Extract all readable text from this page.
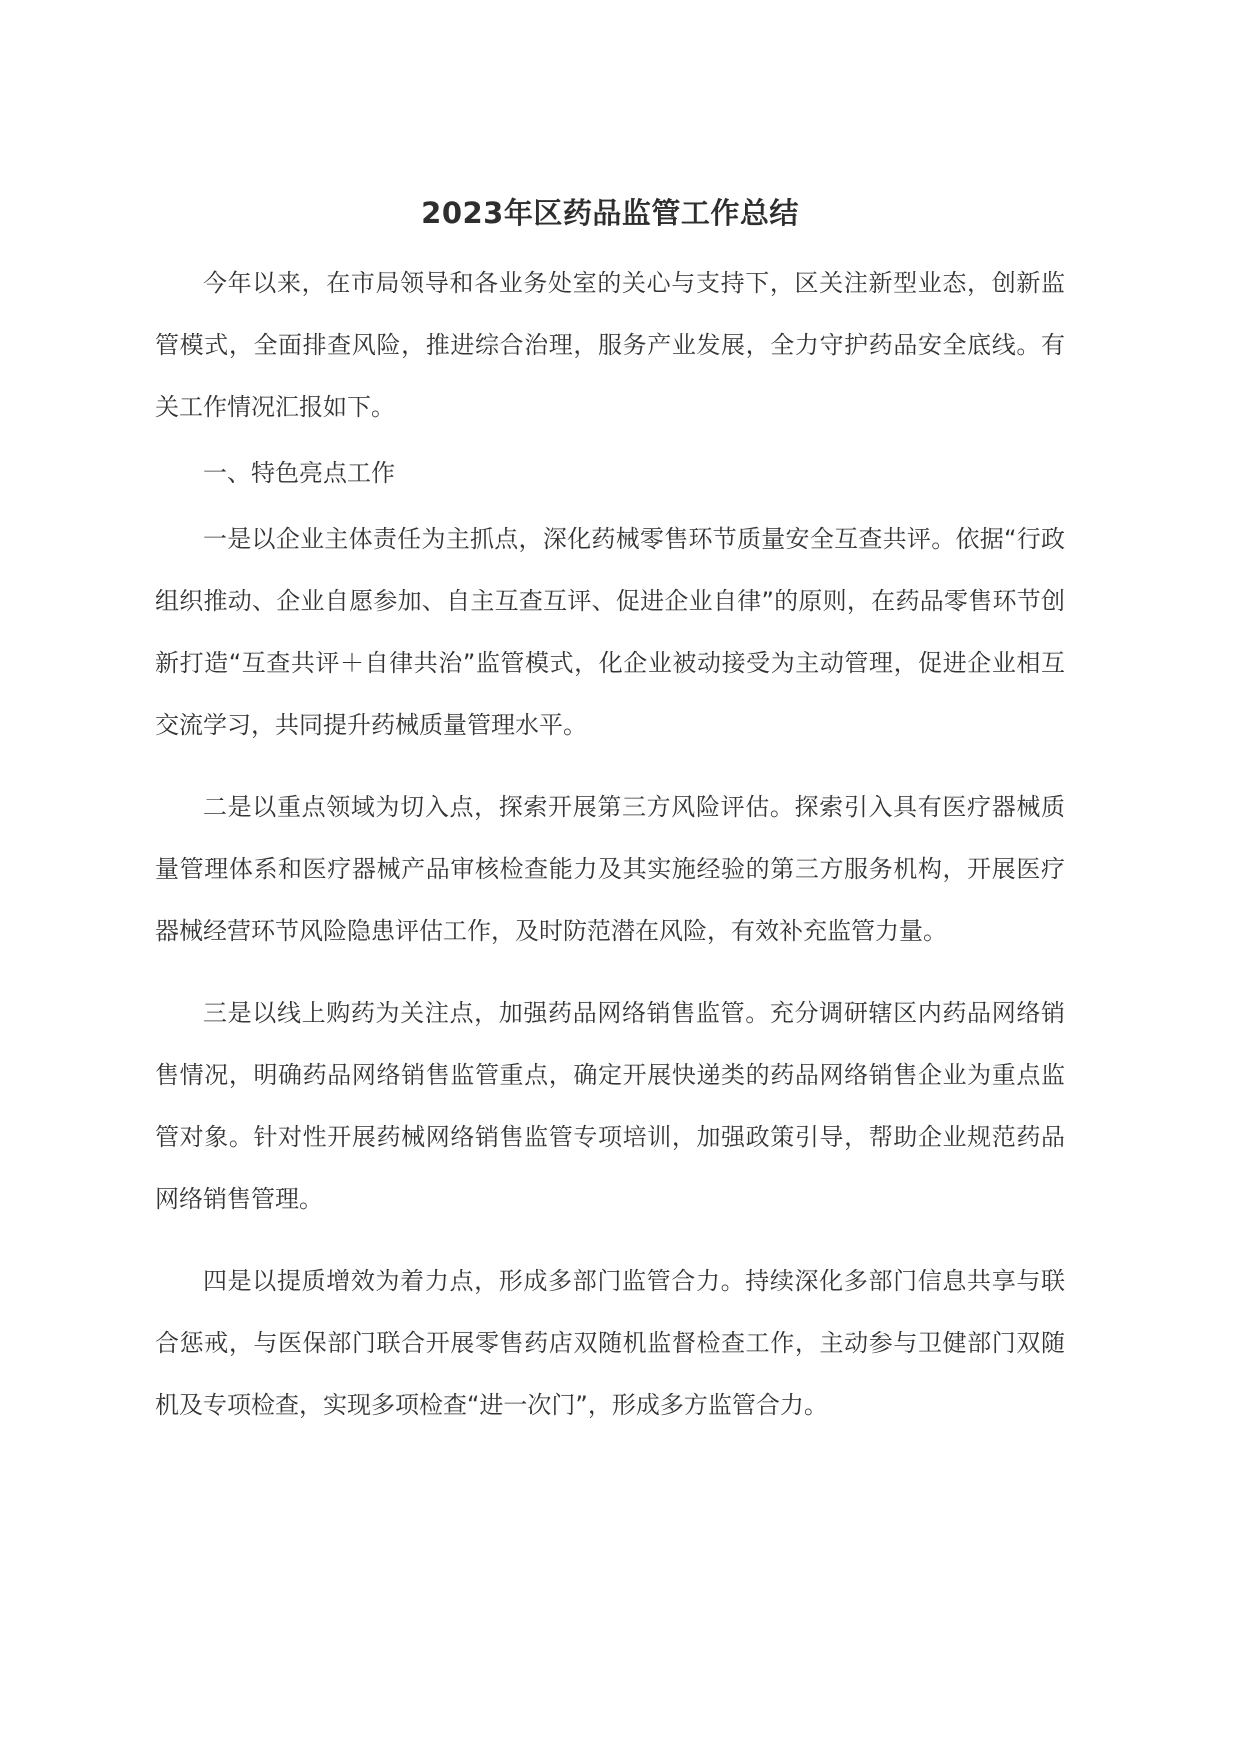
2023年区药品监管工作总结

今年以来，在市局领导和各业务处室的关心与支持下，区关注新型业态，创新监管模式，全面排查风险，推进综合治理，服务产业发展，全力守护药品安全底线。有关工作情况汇报如下。

一、特色亮点工作

一是以企业主体责任为主抓点，深化药械零售环节质量安全互查共评。依据“行政组织推动、企业自愿参加、自主互查互评、促进企业自律”的原则，在药品零售环节创新打造“互查共评＋自律共治”监管模式，化企业被动接受为主动管理，促进企业相互交流学习，共同提升药械质量管理水平。

二是以重点领域为切入点，探索开展第三方风险评估。探索引入具有医疗器械质量管理体系和医疗器械产品审核检查能力及其实施经验的第三方服务机构，开展医疗器械经营环节风险隐患评估工作，及时防范潜在风险，有效补充监管力量。

三是以线上购药为关注点，加强药品网络销售监管。充分调研辖区内药品网络销售情况，明确药品网络销售监管重点，确定开展快递类的药品网络销售企业为重点监管对象。针对性开展药械网络销售监管专项培训，加强政策引导，帮助企业规范药品网络销售管理。

四是以提质增效为着力点，形成多部门监管合力。持续深化多部门信息共享与联合惩戒，与医保部门联合开展零售药店双随机监督检查工作，主动参与卫健部门双随机及专项检查，实现多项检查“进一次门”，形成多方监管合力。
